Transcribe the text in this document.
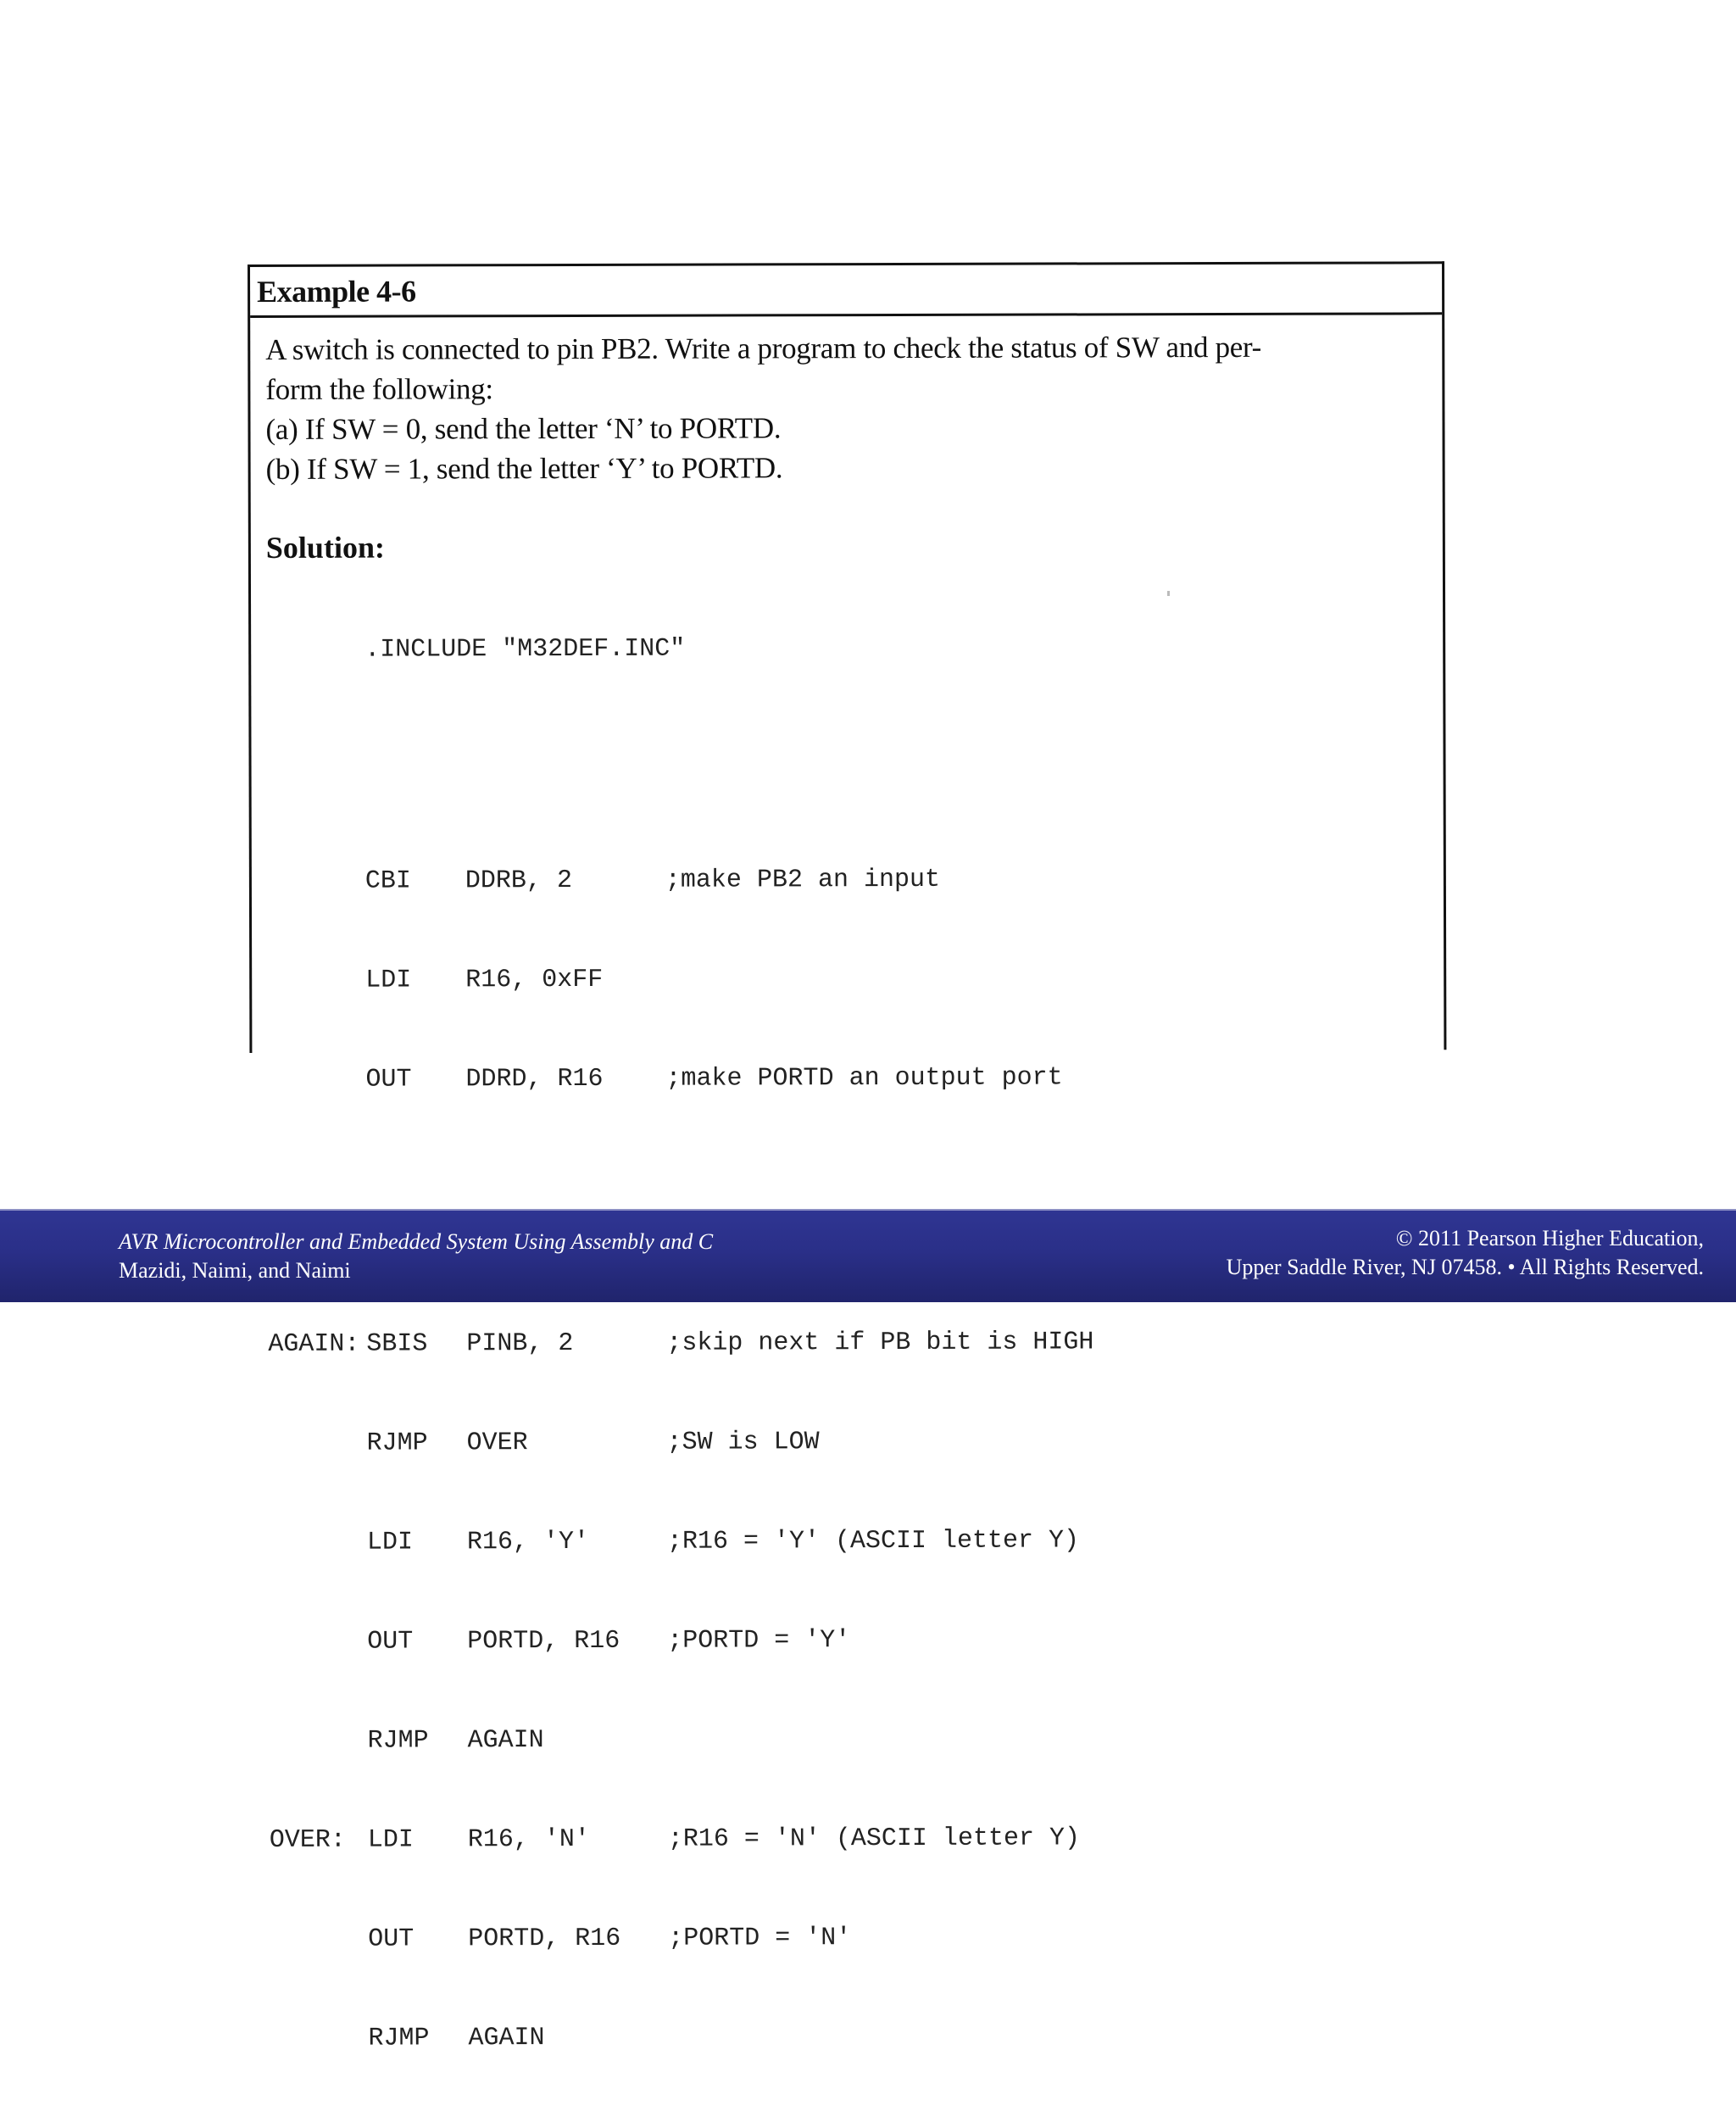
Example 4-6
A switch is connected to pin PB2. Write a program to check the status of SW and per-
form the following:
(a) If SW = 0, send the letter ‘N’ to PORTD.
(b) If SW = 1, send the letter ‘Y’ to PORTD.
Solution:

.INCLUDE "M32DEF.INC"

CBI	DDRB, 2	;make PB2 an input

LDI	R16, 0xFF

OUT	DDRD, R16	;make PORTD an output port

AGAIN: SBIS	PINB, 2	;skip next if PB bit is HIGH

RJMP	OVER	;SW is LOW

LDI	R16, 'Y'	;R16 = 'Y' (ASCII letter Y)

OUT	PORTD, R16	;PORTD = 'Y'

RJMP	AGAIN

OVER: LDI	R16, 'N'	;R16 = 'N' (ASCII letter Y)

OUT	PORTD, R16	;PORTD = 'N'

RJMP	AGAIN

AVR Microcontroller and Embedded System Using Assembly and C
Mazidi, Naimi, and Naimi
© 2011 Pearson Higher Education,
Upper Saddle River, NJ 07458. • All Rights Reserved.
